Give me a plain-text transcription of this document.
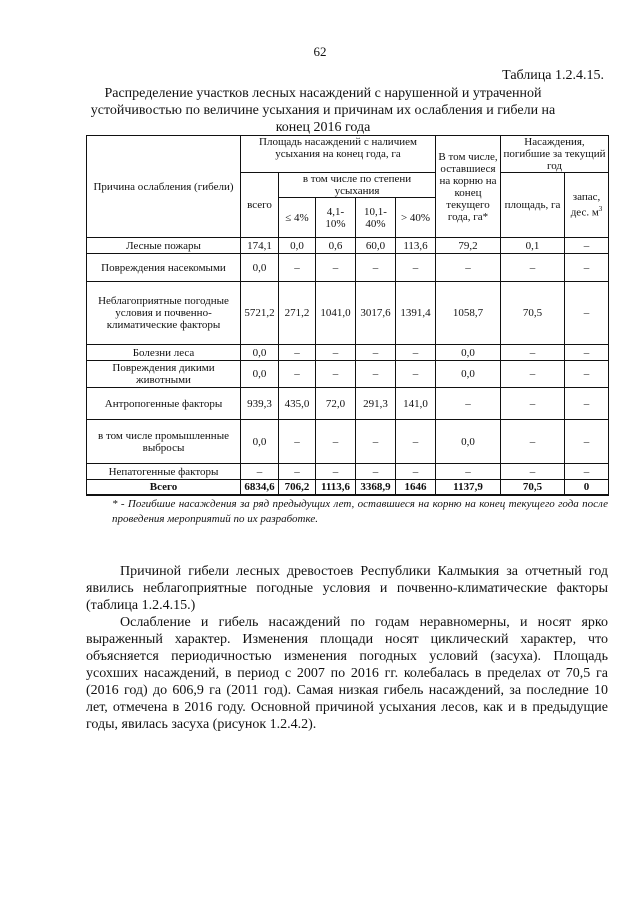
62
Таблица 1.2.4.15.
Распределение участков лесных насаждений с нарушенной и утраченной устойчивостью по величине усыхания и причинам их ослабления и гибели на конец 2016 года
Причина ослабления (гибели)	Площадь насаждений с наличием усыхания на конец года, га					В том числе, оставшиеся на корню на конец текущего года, га*	Насаждения, погибшие за текущий год	
	всего	в том числе по степени усыхания					площадь, га	запас, дес. $м^3$
		≤ 4%	4,1-10%	10,1-40%	> 40%			
Лесные пожары	174,1	0,0	0,6	60,0	113,6	79,2	0,1	–
Повреждения насекомыми	0,0	–	–	–	–	–	–	–
Неблагоприятные погодные условия и почвенно-климатические факторы	5721,2	271,2	1041,0	3017,6	1391,4	1058,7	70,5	–
Болезни леса	0,0	–	–	–	–	0,0	–	–
Повреждения дикими животными	0,0	–	–	–	–	0,0	–	–
Антропогенные факторы	939,3	435,0	72,0	291,3	141,0	–	–	–
в том числе промышленные выбросы	0,0	–	–	–	–	0,0	–	–
Непатогенные факторы	–	–	–	–	–	–	–	–
Всего	6834,6	706,2	1113,6	3368,9	1646	1137,9	70,5	0
* - Погибшие насаждения за ряд предыдущих лет, оставшиеся на корню на конец текущего года после проведения мероприятий по их разработке.

Причиной гибели лесных древостоев Республики Калмыкия за отчетный год явились неблагоприятные погодные условия и почвенно-климатические факторы (таблица 1.2.4.15.)

Ослабление и гибель насаждений по годам неравномерны, и носят ярко выраженный характер. Изменения площади носят циклический характер, что объясняется периодичностью изменения погодных условий (засуха). Площадь усохших насаждений, в период с 2007 по 2016 гг. колебалась в пределах от 70,5 га (2016 год) до 606,9 га (2011 год). Самая низкая гибель насаждений, за последние 10 лет, отмечена в 2016 году. Основной причиной усыхания лесов, как и в предыдущие годы, явилась засуха (рисунок 1.2.4.2).
